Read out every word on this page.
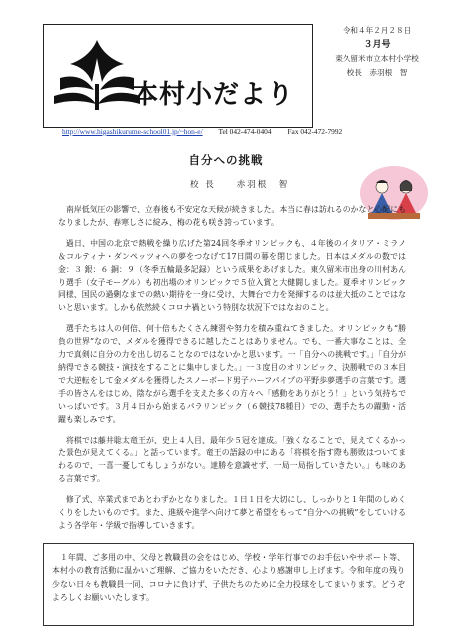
本村小だより
令和４年２月２８日
３月号
東久留米市立本村小学校
校長　赤羽根　智
http://www.higashikurume-school01.jp/~hon-e/ Tel 042-474-0404 Fax 042-472-7992
自分への挑戦
校 長　　赤羽根　智

南岸低気圧の影響で、立春後も不安定な天候が続きました。本当に春は訪れるのかなと心配にもなりましたが、春寒しさに綻み、梅の花も咲き誇っています。

過日、中国の北京で熱戦を繰り広げた第24回冬季オリンピックも、４年後のイタリア・ミラノ＆コルティナ・ダンペッツォへの夢をつなげて17日間の幕を閉じました。日本はメダルの数では金：３ 銀：６ 銅：９（冬季五輪最多記録）という成果をあげました。東久留米市出身の川村あんり選手（女子モーグル）も初出場のオリンピックで５位入賞と大健闘しました。夏季オリンピック同様、国民の過剰なまでの熱い期待を一身に受け、大舞台で力を発揮するのは並大抵のことではないと思います。しかも依然続くコロナ禍という特別な状況下ではなおのこと。

選手たちは人の何倍、何十倍もたくさん練習や努力を積み重ねてきました。オリンピックも“勝負の世界”なので、メダルを獲得できるに越したことはありません。でも、一番大事なことは、全力で真剣に自分の力を出し切ることなのではないかと思います。一「自分への挑戦です。」「自分が納得できる競技・演技をすることに集中しました。」一３度目のオリンピック、決勝戦での３本目で大逆転をして金メダルを獲得したスノーボード男子ハーフパイプの平野歩夢選手の言葉です。選手の皆さんをはじめ、陰ながら選手を支えた多くの方々へ「感動をありがとう！」という気持ちでいっぱいです。３月４日から始まるパラリンピック（６競技78種目）での、選手たちの躍動・活躍も楽しみです。

将棋では藤井聡太竜王が、史上４人目、最年少５冠を達成。「強くなることで、見えてくるかった景色が見えてくる。」と話っています。竜王の語録の中にある「将棋を指す際も勝敗はついてまわるので、一喜一憂してもしょうがない。達勝を意識せず、一局一局指していきたい。」も味のある言葉です。

修了式、卒業式まであとわずかとなりました。１日１日を大切にし、しっかりと１年間のしめくくりをしたいものです。また、進級や進学へ向けて夢と希望をもって“自分への挑戦”をしていけるよう各学年・学級で指導していきます。

１年間、ご多用の中、父母と教職員の会をはじめ、学校・学年行事でのお手伝いやサポート等、本村小の教育活動に温かいご理解、ご協力をいただき、心より感謝申し上げます。令和年度の残り少ない日々も教職員一同、コロナに負けず、子供たちのために全力投球をしてまいります。どうぞよろしくお願いいたします。
